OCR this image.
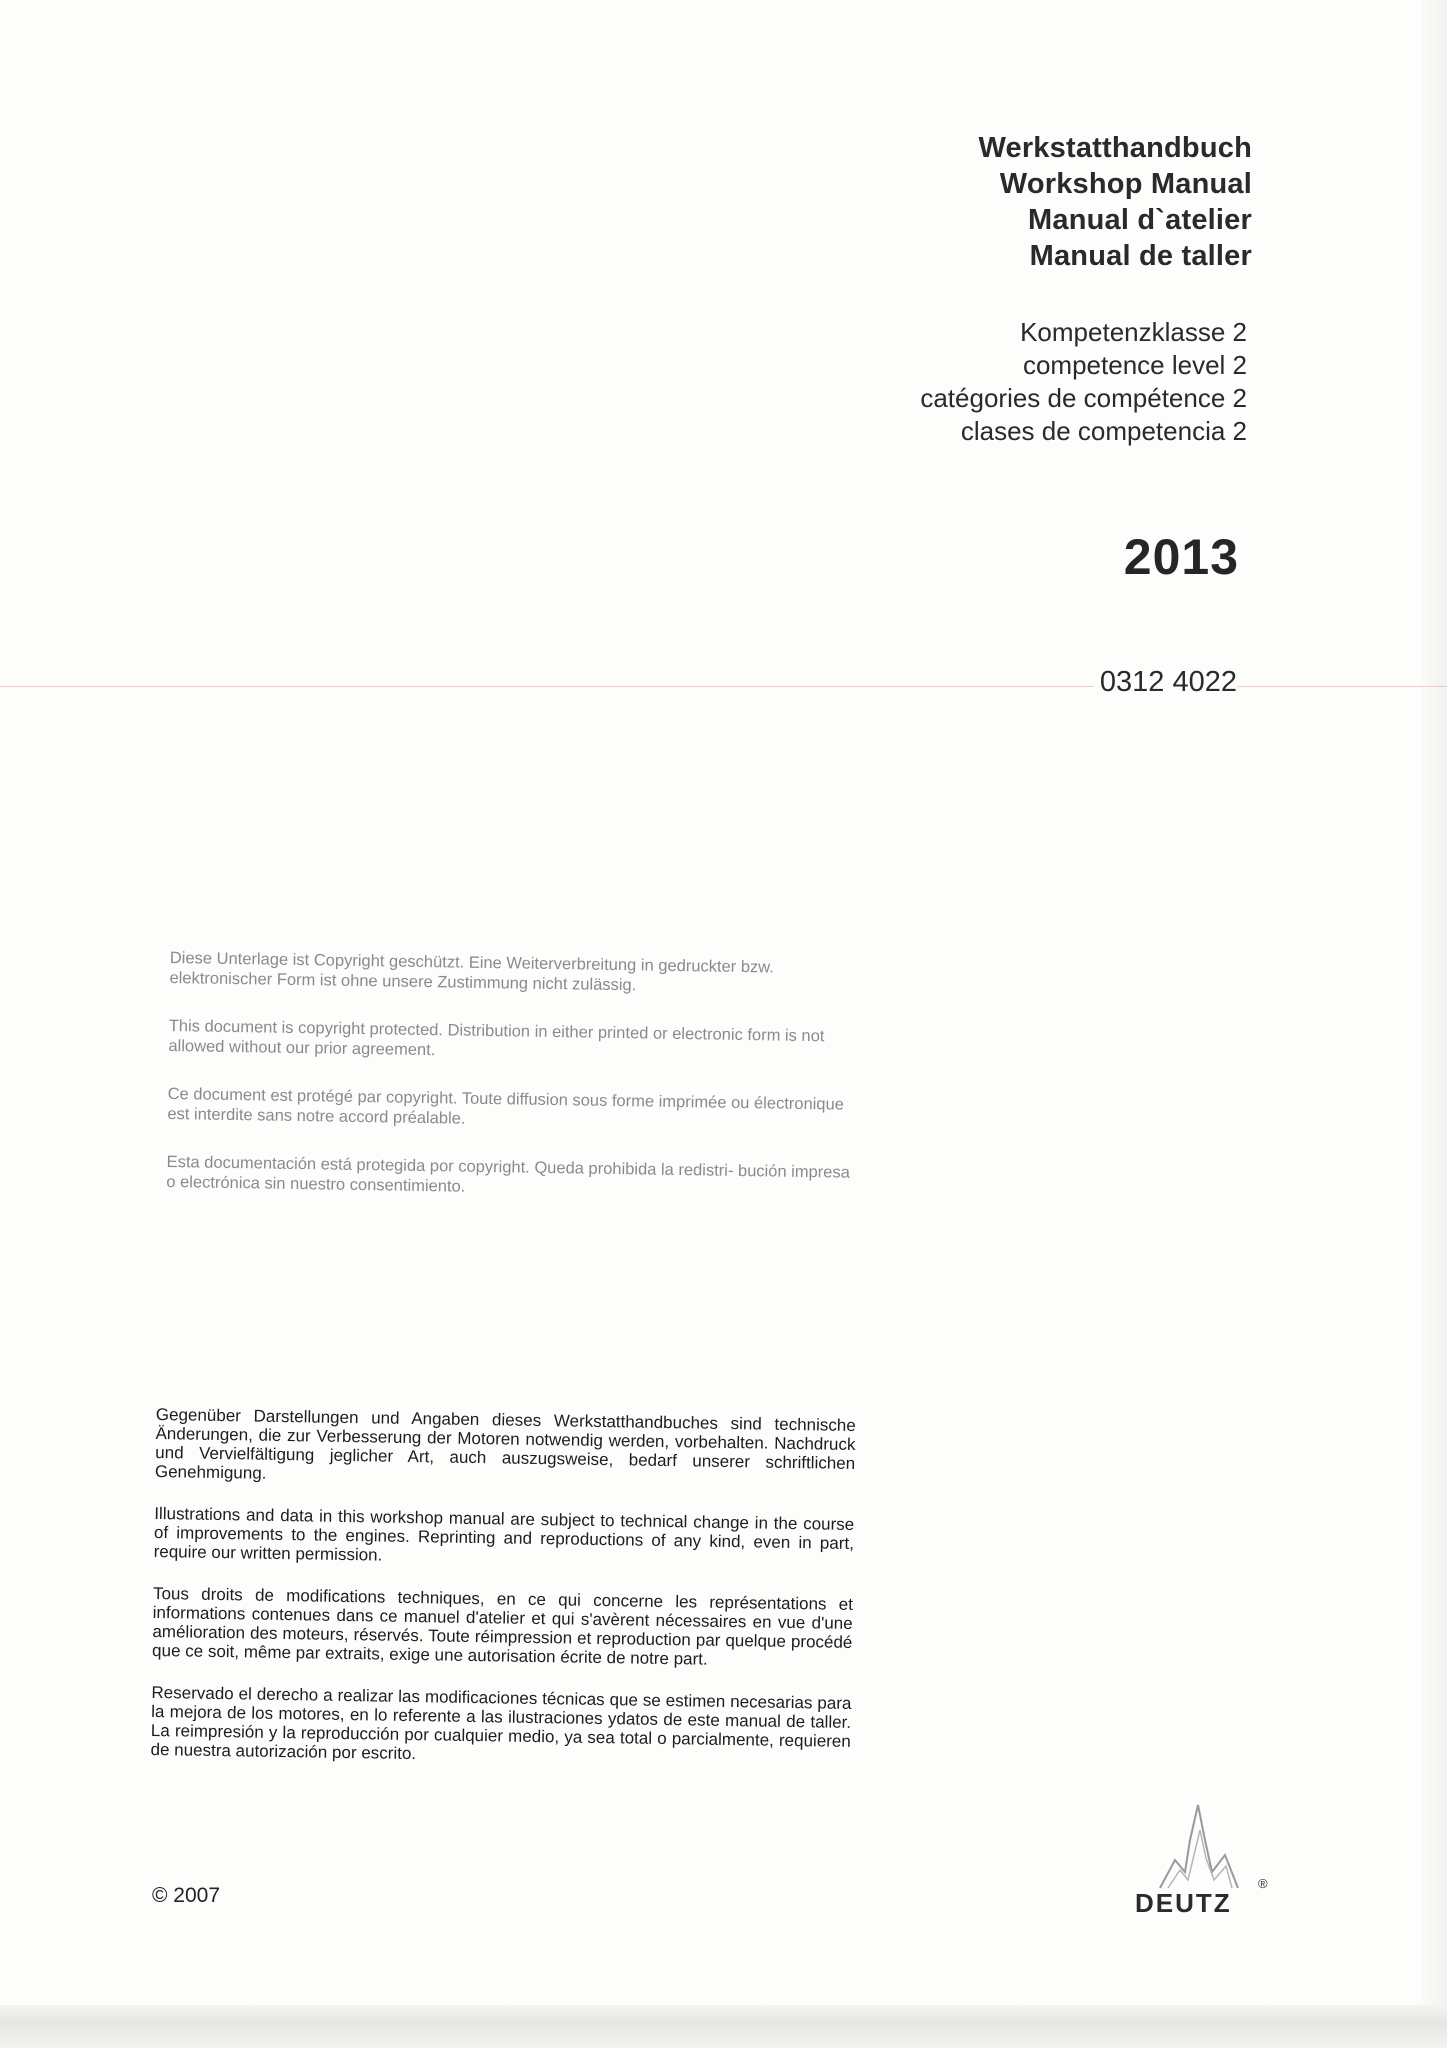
Werkstatthandbuch
Workshop Manual
Manual d`atelier
Manual de taller
Kompetenzklasse 2
competence level 2
catégories de compétence 2
clases de competencia 2
2013
0312 4022

Diese Unterlage ist Copyright geschützt. Eine Weiterverbreitung in gedruckter bzw. elektronischer Form ist ohne unsere Zustimmung nicht zulässig.

This document is copyright protected. Distribution in either printed or electronic form is not allowed without our prior agreement.

Ce document est protégé par copyright. Toute diffusion sous forme imprimée ou électronique est interdite sans notre accord préalable.

Esta documentación está protegida por copyright. Queda prohibida la redistri- bución impresa o electrónica sin nuestro consentimiento.

Gegenüber Darstellungen und Angaben dieses Werkstatthandbuches sind technische Änderungen, die zur Verbesserung der Motoren notwendig werden, vorbehalten. Nachdruck und Vervielfältigung jeglicher Art, auch auszugsweise, bedarf unserer schriftlichen Genehmigung.

Illustrations and data in this workshop manual are subject to technical change in the course of improvements to the engines. Reprinting and reproductions of any kind, even in part, require our written permission.

Tous droits de modifications techniques, en ce qui concerne les représentations et informations contenues dans ce manuel d'atelier et qui s'avèrent nécessaires en vue d'une amélioration des moteurs, réservés. Toute réimpression et reproduction par quelque procédé que ce soit, même par extraits, exige une autorisation écrite de notre part.

Reservado el derecho a realizar las modificaciones técnicas que se estimen necesarias para la mejora de los motores, en lo referente a las ilustraciones ydatos de este manual de taller. La reimpresión y la reproducción por cualquier medio, ya sea total o parcialmente, requieren de nuestra autorización por escrito.

© 2007	DEUTZ
®
